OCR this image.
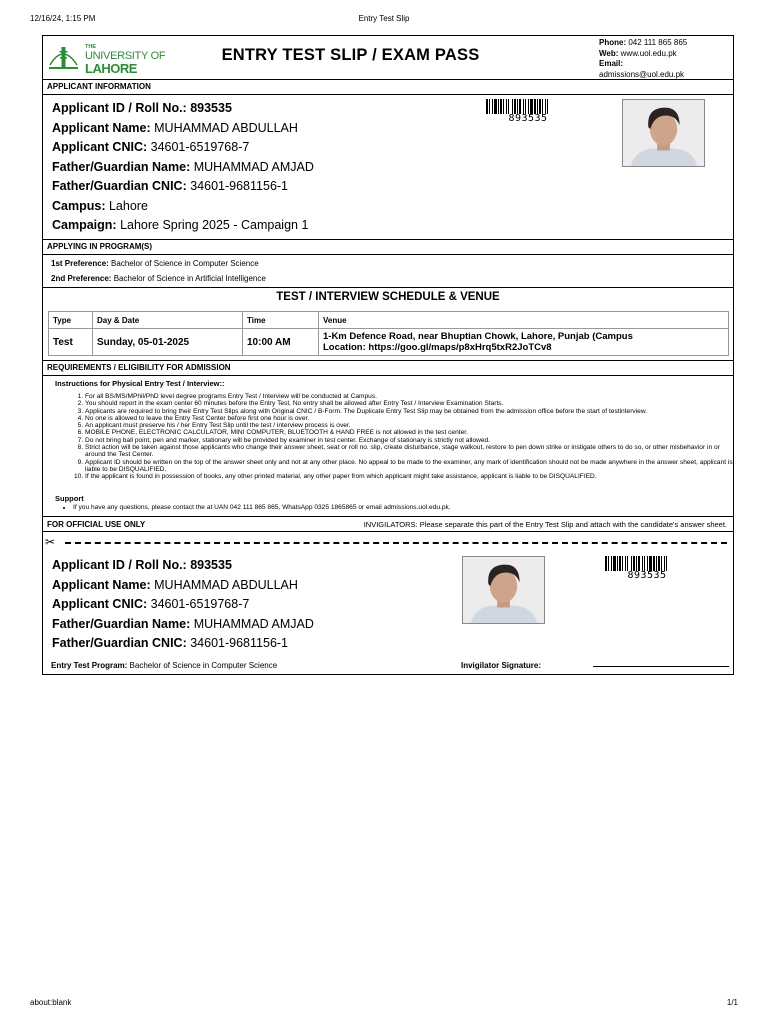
12/16/24, 1:15 PM	Entry Test Slip
THE
UNIVERSITY OF
LAHORE
ENTRY TEST SLIP / EXAM PASS
Phone: 042 111 865 865
Web: www.uol.edu.pk
Email:
admissions@uol.edu.pk
APPLICANT INFORMATION
Applicant ID / Roll No.: 893535
Applicant Name: MUHAMMAD ABDULLAH
Applicant CNIC: 34601-6519768-7
Father/Guardian Name: MUHAMMAD AMJAD
Father/Guardian CNIC: 34601-9681156-1
Campus: Lahore
Campaign: Lahore Spring 2025 - Campaign 1
893535
APPLYING IN PROGRAM(S)
1st Preference: Bachelor of Science in Computer Science
2nd Preference: Bachelor of Science in Artificial Intelligence
TEST / INTERVIEW SCHEDULE & VENUE
Type	Day & Date	Time	Venue
Test	Sunday, 05-01-2025	10:00 AM	1-Km Defence Road, near Bhuptian Chowk, Lahore, Punjab (Campus
Location: https://goo.gl/maps/p8xHrq5txR2JoTCv8
REQUIREMENTS / ELIGIBILITY FOR ADMISSION
Instructions for Physical Entry Test / Interview::
1. For all BS/MS/MPhil/PhD level degree programs Entry Test / Interview will be conducted at Campus.
2. You should report in the exam center 60 minutes before the Entry Test. No entry shall be allowed after Entry Test / Interview Examination Starts.
3. Applicants are required to bring their Entry Test Slips along with Original CNIC / B-Form. The Duplicate Entry Test Slip may be obtained from the admission office before the start of testinterview.
4. No one is allowed to leave the Entry Test Center before first one hour is over.
5. An applicant must preserve his / her Entry Test Slip until the test / interview process is over.
6. MOBILE PHONE, ELECTRONIC CALCULATOR, MINI COMPUTER, BLUETOOTH & HAND FREE is not allowed in the test center.
7. Do not bring ball point, pen and marker, stationary will be provided by examiner in test center. Exchange of stationary is strictly not allowed.
8. Strict action will be taken against those applicants who change their answer sheet, seat or roll no. slip, create disturbance, stage walkout, restore to pen down strike or instigate others to do so, or other misbehavior in or around the Test Center.
9. Applicant ID should be written on the top of the answer sheet only and not at any other place. No appeal to be made to the examiner, any mark of identification should not be made anywhere in the answer sheet, applicant is liable to be DISQUALIFIED.
10. If the applicant is found in possession of books, any other printed material, any other paper from which applicant might take assistance, applicant is liable to be DISQUALIFIED.
Support
• If you have any questions, please contact the at UAN 042 111 865 865, WhatsApp 0325 1865865 or email admissions.uol.edu.pk.
FOR OFFICIAL USE ONLY	INVIGILATORS: Please separate this part of the Entry Test Slip and attach with the candidate's answer sheet.
✂
Applicant ID / Roll No.: 893535
Applicant Name: MUHAMMAD ABDULLAH
Applicant CNIC: 34601-6519768-7
Father/Guardian Name: MUHAMMAD AMJAD
Father/Guardian CNIC: 34601-9681156-1
893535
Entry Test Program: Bachelor of Science in Computer Science	Invigilator Signature:
about:blank	1/1
